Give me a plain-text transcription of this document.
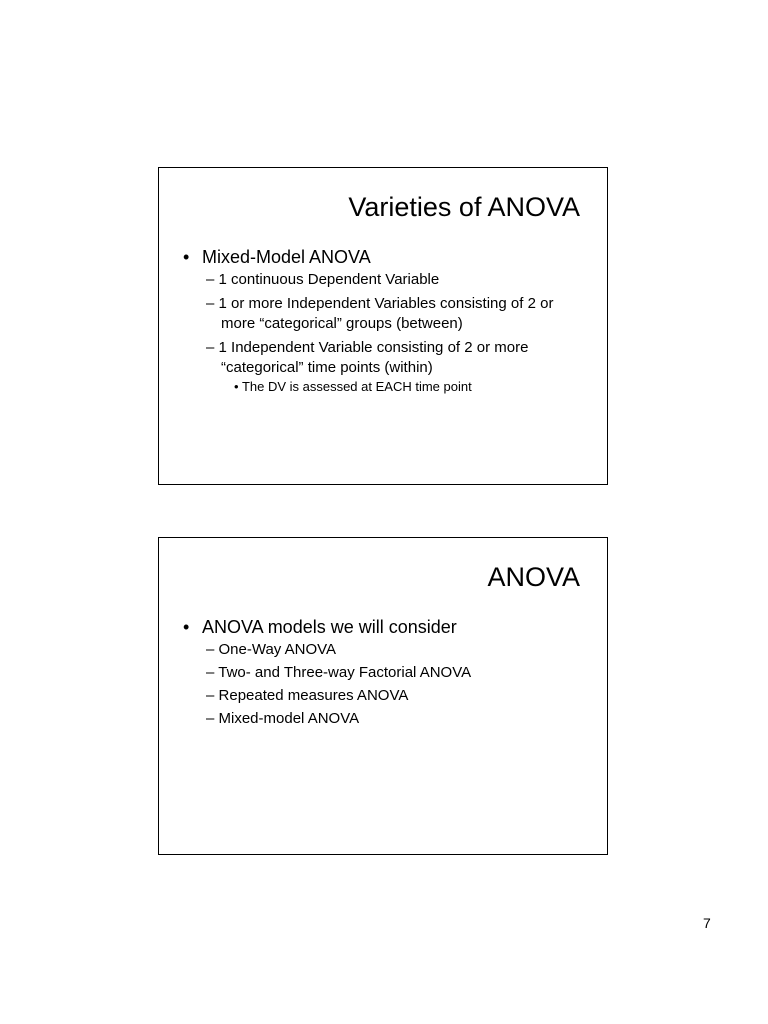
Varieties of ANOVA
• Mixed-Model ANOVA
– 1 continuous Dependent Variable
– 1 or more Independent Variables consisting of 2 or more “categorical” groups (between)
– 1 Independent Variable consisting of 2 or more “categorical” time points (within)
• The DV is assessed at EACH time point
ANOVA
• ANOVA models we will consider
– One-Way ANOVA
– Two- and Three-way Factorial ANOVA
– Repeated measures ANOVA
– Mixed-model ANOVA
7
